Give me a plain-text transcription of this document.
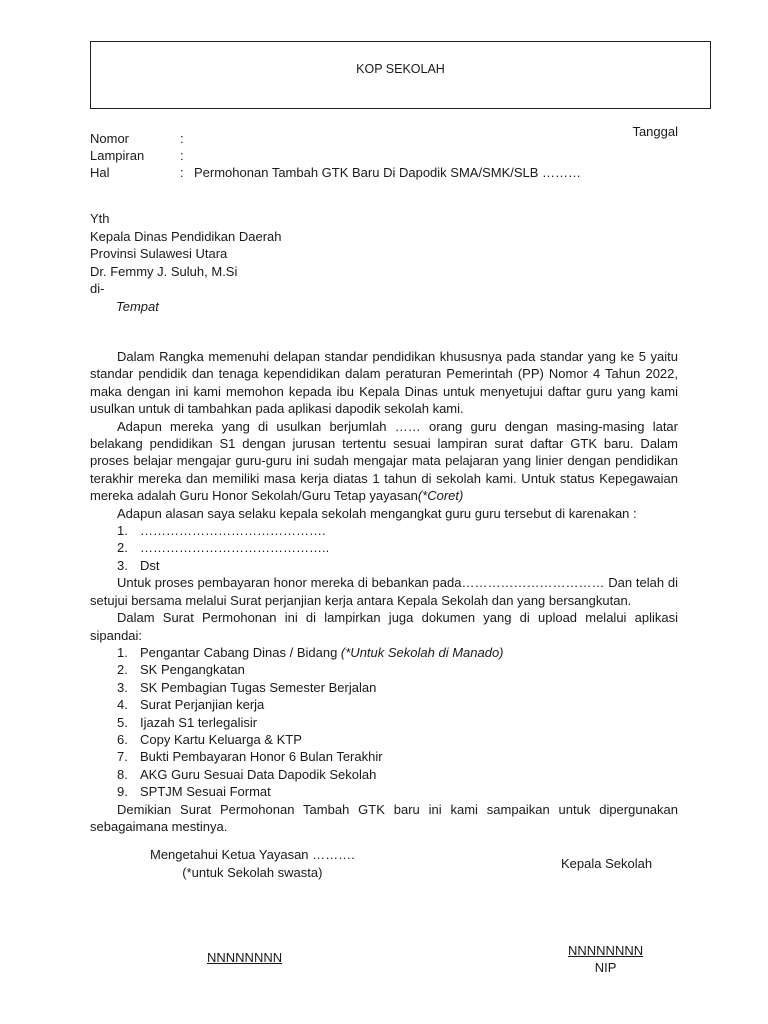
KOP SEKOLAH
Tanggal
Nomor	:
Lampiran	:
Hal	: Permohonan Tambah GTK Baru Di Dapodik SMA/SMK/SLB ………
Yth
Kepala Dinas Pendidikan Daerah
Provinsi Sulawesi Utara
Dr. Femmy J. Suluh, M.Si
di-
Tempat

Dalam Rangka memenuhi delapan standar pendidikan khususnya pada standar yang ke 5 yaitu standar pendidik dan tenaga kependidikan dalam peraturan Pemerintah (PP) Nomor 4 Tahun 2022, maka dengan ini kami memohon kepada ibu Kepala Dinas untuk menyetujui daftar guru yang kami usulkan untuk di tambahkan pada aplikasi dapodik sekolah kami.

Adapun mereka yang di usulkan berjumlah …… orang guru dengan masing-masing latar belakang pendidikan S1 dengan jurusan tertentu sesuai lampiran surat daftar GTK baru. Dalam proses belajar mengajar guru-guru ini sudah mengajar mata pelajaran yang linier dengan pendidikan terakhir mereka dan memiliki masa kerja diatas 1 tahun di sekolah kami. Untuk status Kepegawaian mereka adalah Guru Honor Sekolah/Guru Tetap yayasan(*Coret)

Adapun alasan saya selaku kepala sekolah mengangkat guru guru tersebut di karenakan :

1. …………………………………….
2. ……………………………………..
3. Dst

Untuk proses pembayaran honor mereka di bebankan pada…………………………… Dan telah di setujui bersama melalui Surat perjanjian kerja antara Kepala Sekolah dan yang bersangkutan.

Dalam Surat Permohonan ini di lampirkan juga dokumen yang di upload melalui aplikasi sipandai:

1. Pengantar Cabang Dinas / Bidang (*Untuk Sekolah di Manado)
2. SK Pengangkatan
3. SK Pembagian Tugas Semester Berjalan
4. Surat Perjanjian kerja
5. Ijazah S1 terlegalisir
6. Copy Kartu Keluarga & KTP
7. Bukti Pembayaran Honor 6 Bulan Terakhir
8. AKG Guru Sesuai Data Dapodik Sekolah
9. SPTJM Sesuai Format

Demikian Surat Permohonan Tambah GTK baru ini kami sampaikan untuk dipergunakan sebagaimana mestinya.

Mengetahui Ketua Yayasan ……….
(*untuk Sekolah swasta)
Kepala Sekolah
NNNNNNNN	NNNNNNNN
NIP
